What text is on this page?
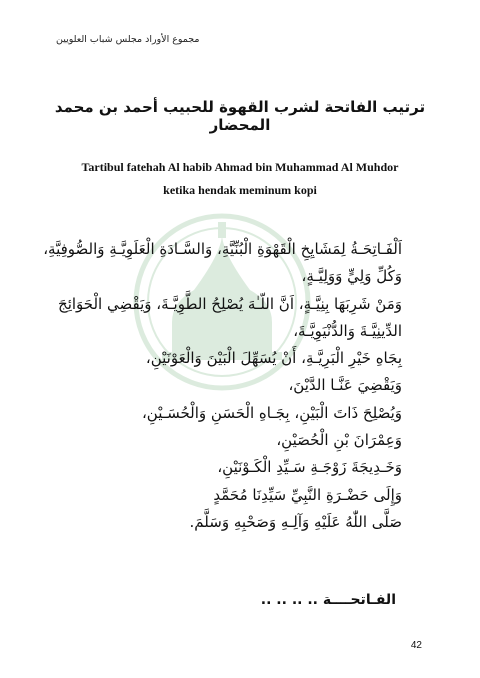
مجموع الأوراد مجلس شباب العلويين
ترتيب الفاتحة لشرب القهوة للحبيب أحمد بن محمد المحضار
Tartibul fatehah Al habib Ahmad bin Muhammad Al Muhdor
ketika hendak meminum kopi
اَلْفَـاتِحَـةُ لِمَشَايِخِ الْقَهْوَةِ الْبُنِّيَّةِ، وَالسَّـادَةِ الْعَلَوِيَّـةِ وَالصُّوفِيَّةِ،
وَكُلِّ وَلِيٍّ وَوَلِيَّـةٍ،
وَمَنْ شَرِبَهَا بِنِيَّـةٍ، اَنَّ اللّـٰهَ يُصْلِحُ الطَّوِيَّـةَ، وَيَقْضِي الْحَوَائِجَ
الدِّينِيَّـةَ وَالدُّنْيَوِيَّـةَ،
بِجَاهِ خَيْرِ الْبَرِيَّـةِ، أَنْ يُسَهِّلَ الْبَيْنَ وَالْعَوْنَيْنِ،
وَيَقْضِيَ عَنَّـا الدَّيْنَ،
وَيُصْلِحَ ذَاتَ الْبَيْنِ، بِجَـاهِ الْحَسَنِ وَالْحُسَـيْنِ،
وَعِمْرَانَ بْنِ الْحُصَيْنِ،
وَخَـدِيجَةَ زَوْجَـةِ سَـيِّدِ الْكَـوْنَيْنِ،
وَإِلَى حَضْـرَةِ النَّبِيِّ سَيِّدِنَا مُحَمَّدٍ
صَلَّى اللّٰهُ عَلَيْهِ وَآلِـهِ وَصَحْبِهِ وَسَلَّمَ.
الفـاتحــــة .. .. .. ..
42
